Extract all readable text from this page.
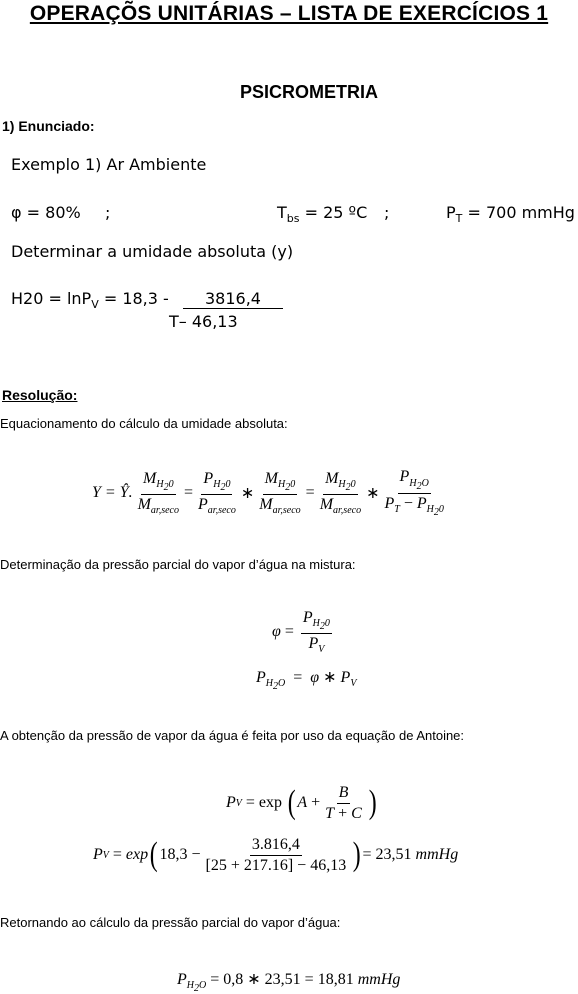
OPERAÇÕS UNITÁRIAS – LISTA DE EXERCÍCIOS 1
PSICROMETRIA
1) Enunciado:
Exemplo 1) Ar Ambiente
φ = 80% ;	$T_{bs} = 25$ ºC ;	$P_T = 700$ mmHg
Determinar a umidade absoluta (y)
H20 = lnP$_V$ = 18,3 -	3816,4
T– 46,13
Resolução:
Equacionamento do cálculo da umidade absoluta:
Y = Ŷ. $\frac{M_{H_20}}{M_{ar,seco}} = \frac{P_{H_20}}{P_{ar,seco}}$ ∗ $\frac{M_{H_20}}{M_{ar,seco}} = \frac{M_{H_20}}{M_{ar,seco}}$ ∗ $\frac{P_{H_2O}}{P_T - P_{H_20}}$
Determinação da pressão parcial do vapor d’água na mistura:
$\varphi = \frac{P_{H_20}}{P_V}$
$P_{H_2O} = \varphi$ ∗ $P_V$
A obtenção da pressão de vapor da água é feita por uso da equação de Antoine:
P V = exp
( $A + \frac{B}{T + C}$ )
P V = exp ( $18,3 - \frac{3.816,4}{[25 + 217.16] - 46,13}$ ) = 23,51
mmHg
Retornando ao cálculo da pressão parcial do vapor d’água:
$P_{H_2O} = 0,8$ ∗ 23,51 = 18,81 mmHg
